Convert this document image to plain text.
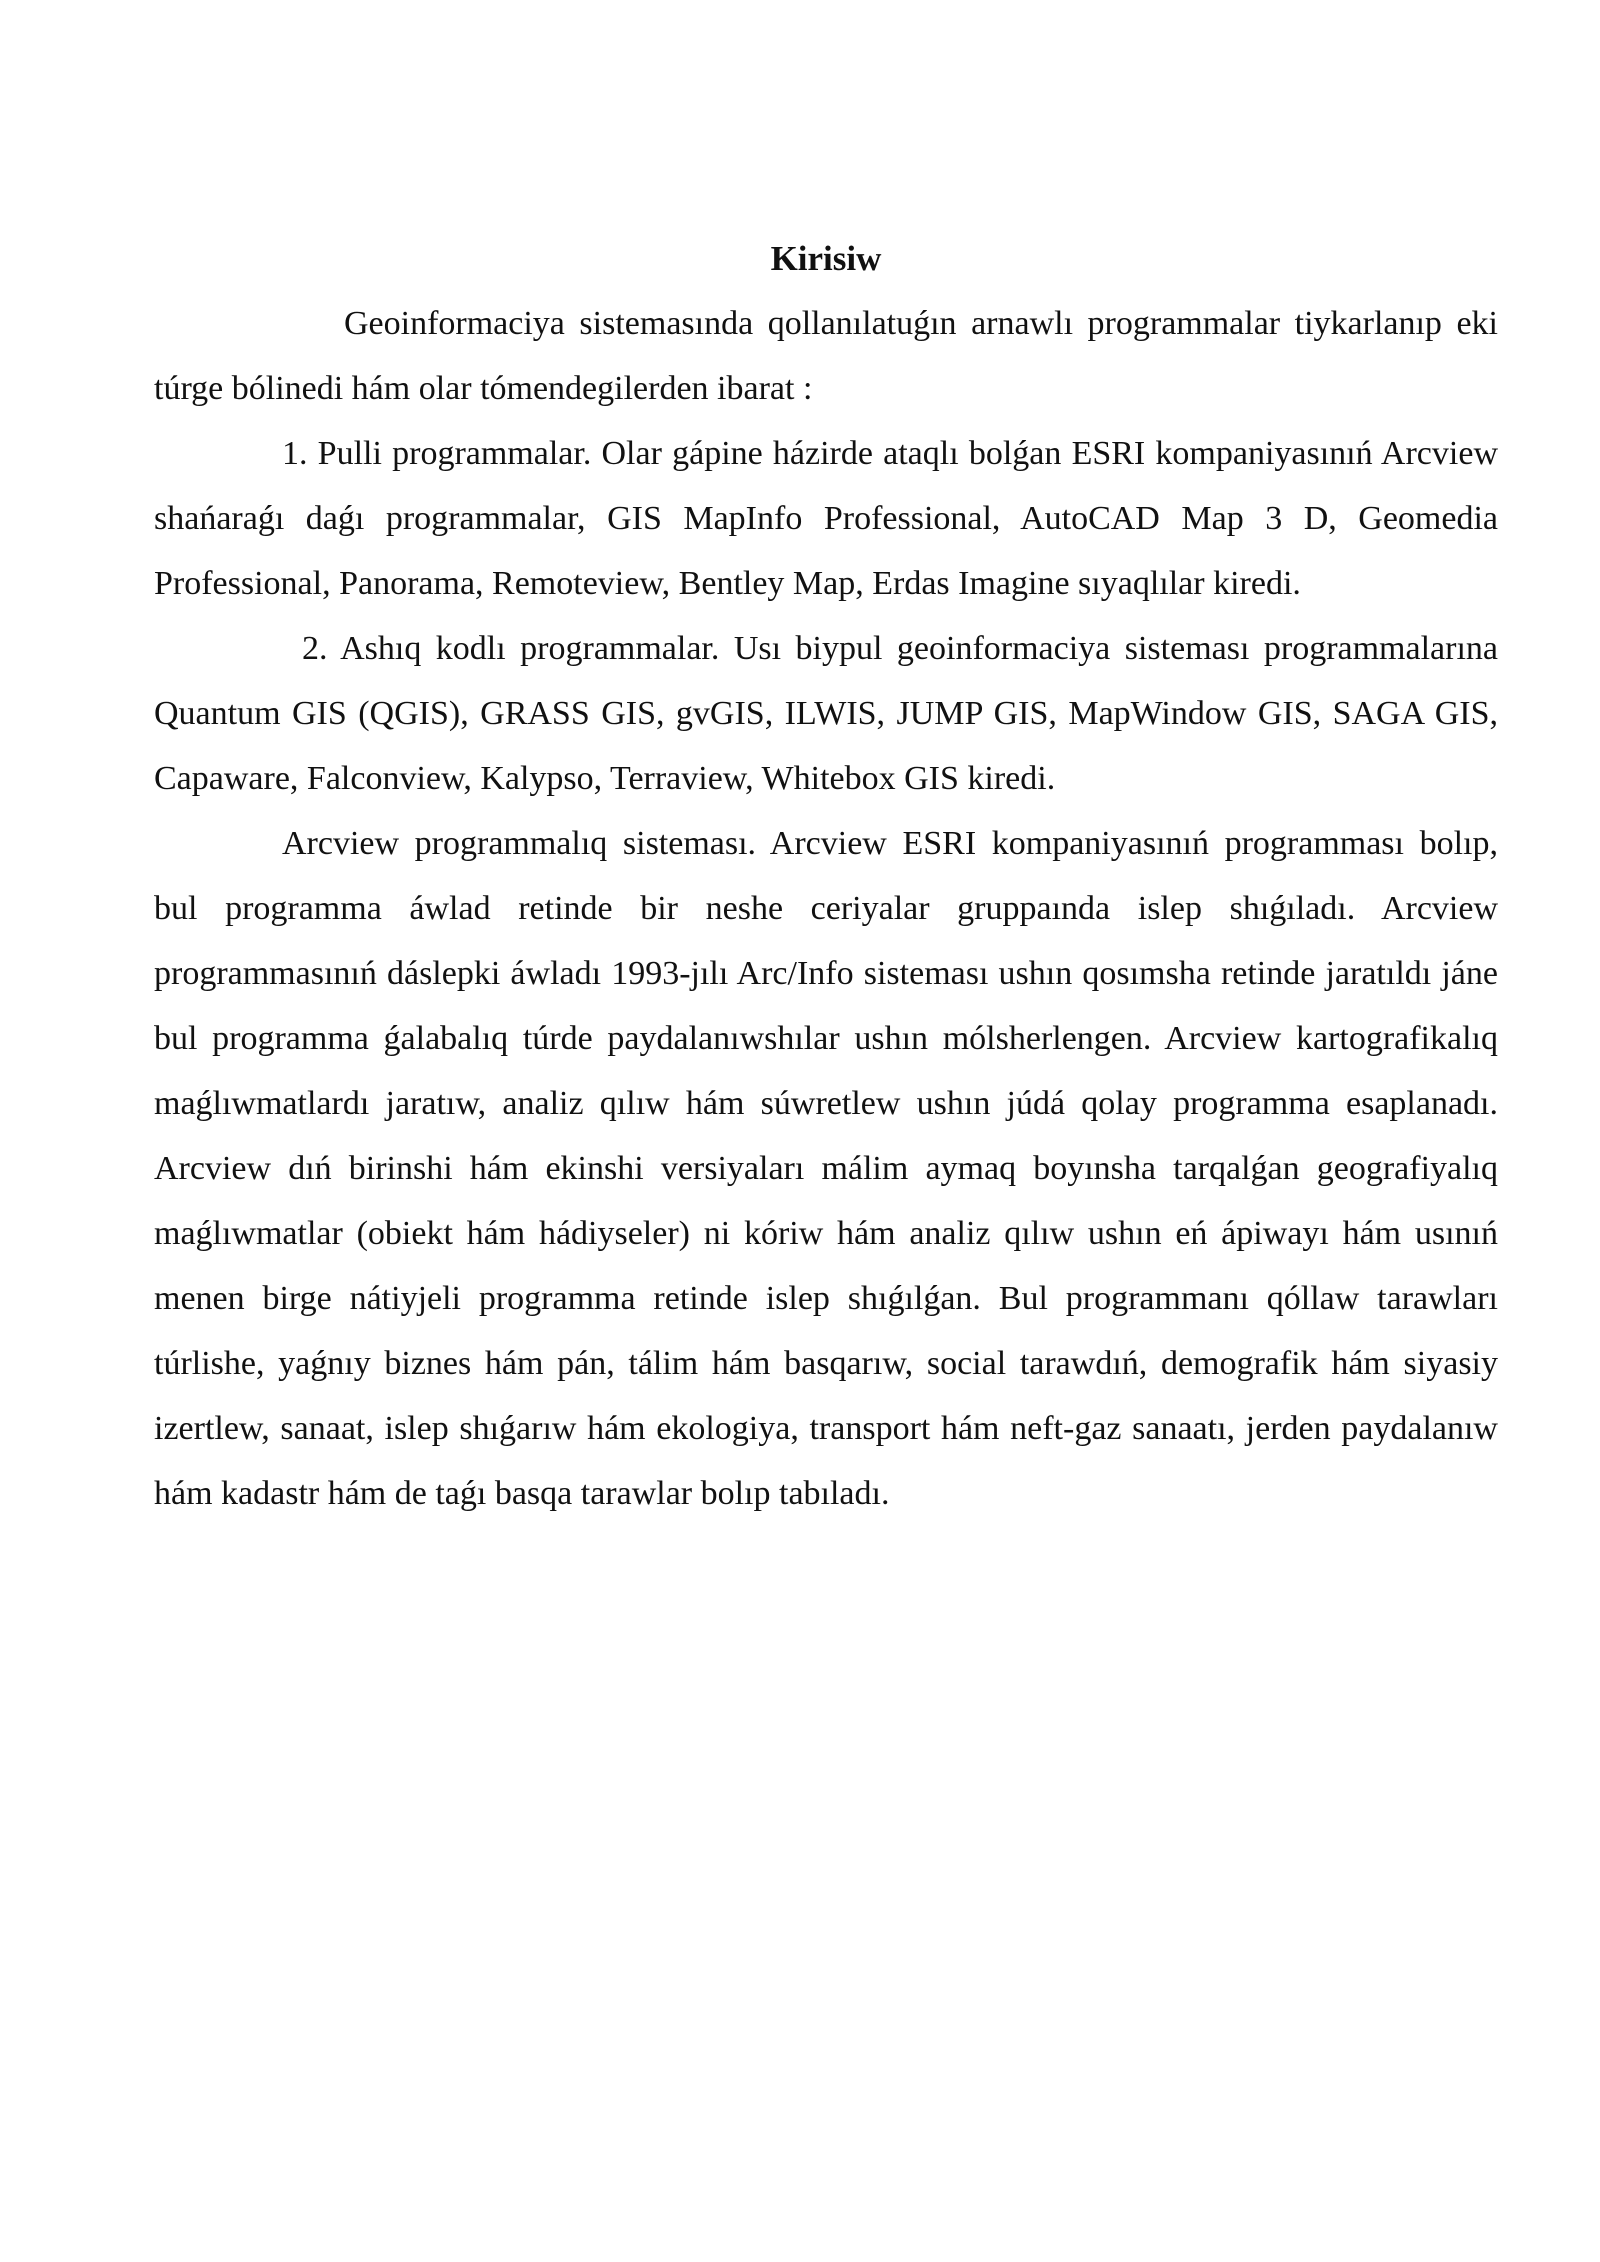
Kirisiw

Geoinformaciya sistemasında qollanılatuǵın arnawlı programmalar tiykarlanıp eki túrge bólinedi hám olar tómendegilerden ibarat :

1. Pulli programmalar. Olar gápine házirde ataqlı bolǵan ESRI kompaniyasınıń Arcview shańaraǵı daǵı programmalar, GIS MapInfo Professional, AutoCAD Map 3 D, Geomedia Professional, Panorama, Remoteview, Bentley Map, Erdas Imagine sıyaqlılar kiredi.

2. Ashıq kodlı programmalar. Usı biypul geoinformaciya sisteması programmalarına Quantum GIS (QGIS), GRASS GIS, gvGIS, ILWIS, JUMP GIS, MapWindow GIS, SAGA GIS, Capaware, Falconview, Kalypso, Terraview, Whitebox GIS kiredi.

Arcview programmalıq sisteması. Arcview ESRI kompaniyasınıń programması bolıp, bul programma áwlad retinde bir neshe ceriyalar gruppaında islep shıǵıladı. Arcview programmasınıń dáslepki áwladı 1993-jılı Arc/Info sisteması ushın qosımsha retinde jaratıldı jáne bul programma ǵalabalıq túrde paydalanıwshılar ushın mólsherlengen. Arcview kartografikalıq maǵlıwmatlardı jaratıw, analiz qılıw hám súwretlew ushın júdá qolay programma esaplanadı. Arcview dıń birinshi hám ekinshi versiyaları málim aymaq boyınsha tarqalǵan geografiyalıq maǵlıwmatlar (obiekt hám hádiyseler) ni kóriw hám analiz qılıw ushın eń ápiwayı hám usınıń menen birge nátiyjeli programma retinde islep shıǵılǵan. Bul programmanı qóllaw tarawları túrlishe, yaǵnıy biznes hám pán, tálim hám basqarıw, social tarawdıń, demografik hám siyasiy izertlew, sanaat, islep shıǵarıw hám ekologiya, transport hám neft-gaz sanaatı, jerden paydalanıw hám kadastr hám de taǵı basqa tarawlar bolıp tabıladı.
